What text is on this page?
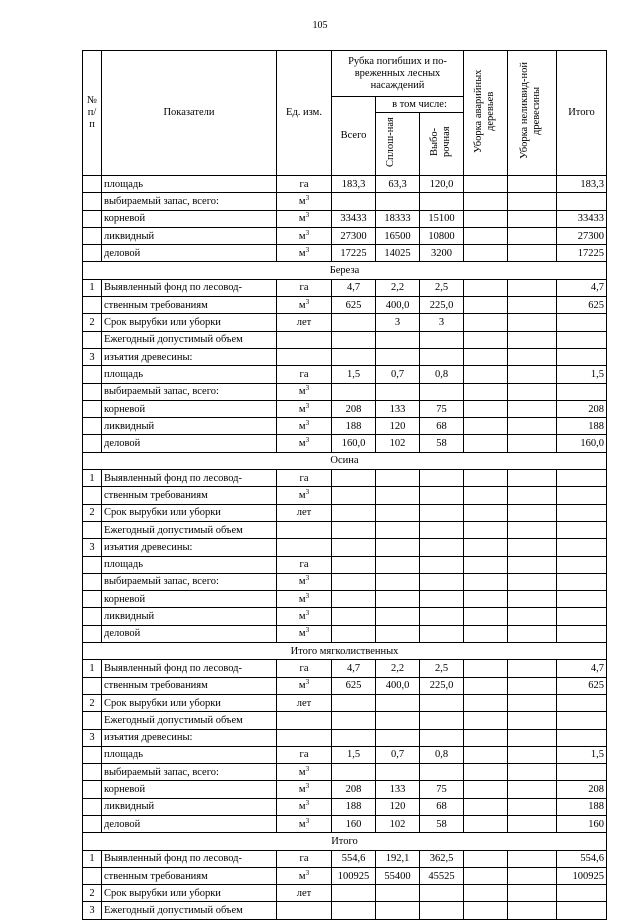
105
№
п/п	Показатели	Ед. изм.	Рубка погибших и по-вреженных лесных насаждений			Уборка аварийных деревьев	Уборка неликвид-ной древесины	Итого
			Всего	в том числе:				
				Сплош-ная	Выбо-рочная			
	площадь	га	183,3	63,3	120,0			183,3
	выбираемый запас, всего:	$м^3$						
	корневой	$м^3$	33433	18333	15100			33433
	ликвидный	$м^3$	27300	16500	10800			27300
	деловой	$м^3$	17225	14025	3200			17225
Береза								
1	Выявленный фонд по лесовод-	га	4,7	2,2	2,5			4,7
	ственным требованиям	$м^3$	625	400,0	225,0			625
2	Срок вырубки или уборки	лет		3	3			
	Ежегодный допустимый объем							
3	изъятия древесины:							
	площадь	га	1,5	0,7	0,8			1,5
	выбираемый запас, всего:	$м^3$						
	корневой	$м^3$	208	133	75			208
	ликвидный	$м^3$	188	120	68			188
	деловой	$м^3$	160,0	102	58			160,0
Осина								
1	Выявленный фонд по лесовод-	га						
	ственным требованиям	$м^3$						
2	Срок вырубки или уборки	лет						
	Ежегодный допустимый объем							
3	изъятия древесины:							
	площадь	га						
	выбираемый запас, всего:	$м^3$						
	корневой	$м^3$						
	ликвидный	$м^3$						
	деловой	$м^3$						
Итого мягколиственных								
1	Выявленный фонд по лесовод-	га	4,7	2,2	2,5			4,7
	ственным требованиям	$м^3$	625	400,0	225,0			625
2	Срок вырубки или уборки	лет						
	Ежегодный допустимый объем							
3	изъятия древесины:							
	площадь	га	1,5	0,7	0,8			1,5
	выбираемый запас, всего:	$м^3$						
	корневой	$м^3$	208	133	75			208
	ликвидный	$м^3$	188	120	68			188
	деловой	$м^3$	160	102	58			160
Итого								
1	Выявленный фонд по лесовод-	га	554,6	192,1	362,5			554,6
	ственным требованиям	$м^3$	100925	55400	45525			100925
2	Срок вырубки или уборки	лет						
3	Ежегодный допустимый объем							
